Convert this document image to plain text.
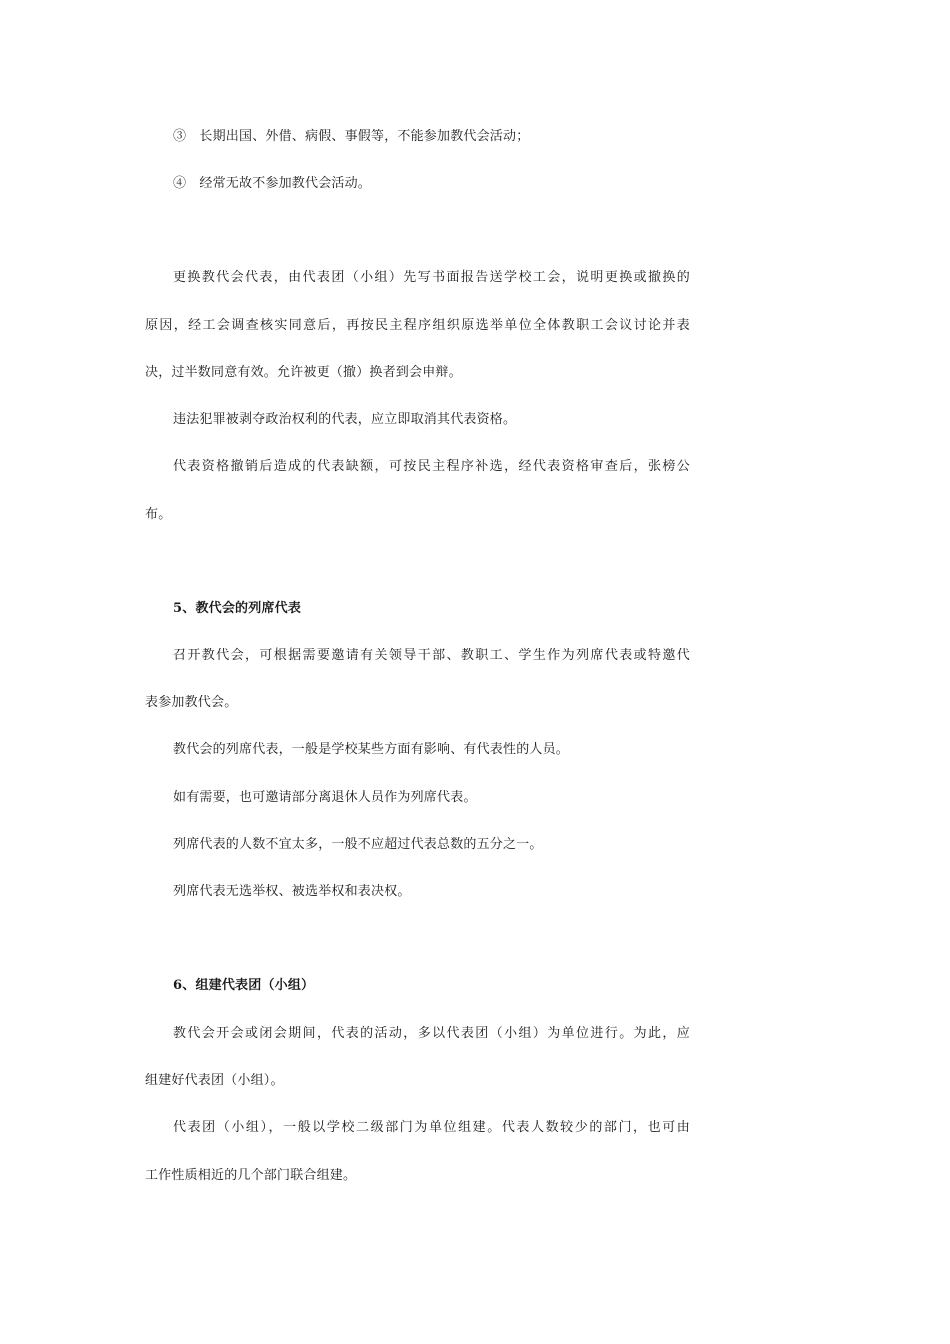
③　长期出国、外借、病假、事假等，不能参加教代会活动；
④　经常无故不参加教代会活动。
更换教代会代表，由代表团（小组）先写书面报告送学校工会，说明更换或撤换的
原因，经工会调查核实同意后，再按民主程序组织原选举单位全体教职工会议讨论并表
决，过半数同意有效。允许被更（撤）换者到会申辩。
违法犯罪被剥夺政治权利的代表，应立即取消其代表资格。
代表资格撤销后造成的代表缺额，可按民主程序补选，经代表资格审查后，张榜公
布。
5、教代会的列席代表
召开教代会，可根据需要邀请有关领导干部、教职工、学生作为列席代表或特邀代
表参加教代会。
教代会的列席代表，一般是学校某些方面有影响、有代表性的人员。
如有需要，也可邀请部分离退休人员作为列席代表。
列席代表的人数不宜太多，一般不应超过代表总数的五分之一。
列席代表无选举权、被选举权和表决权。
6、组建代表团（小组）
教代会开会或闭会期间，代表的活动，多以代表团（小组）为单位进行。为此，应
组建好代表团（小组）。
代表团（小组），一般以学校二级部门为单位组建。代表人数较少的部门，也可由
工作性质相近的几个部门联合组建。
